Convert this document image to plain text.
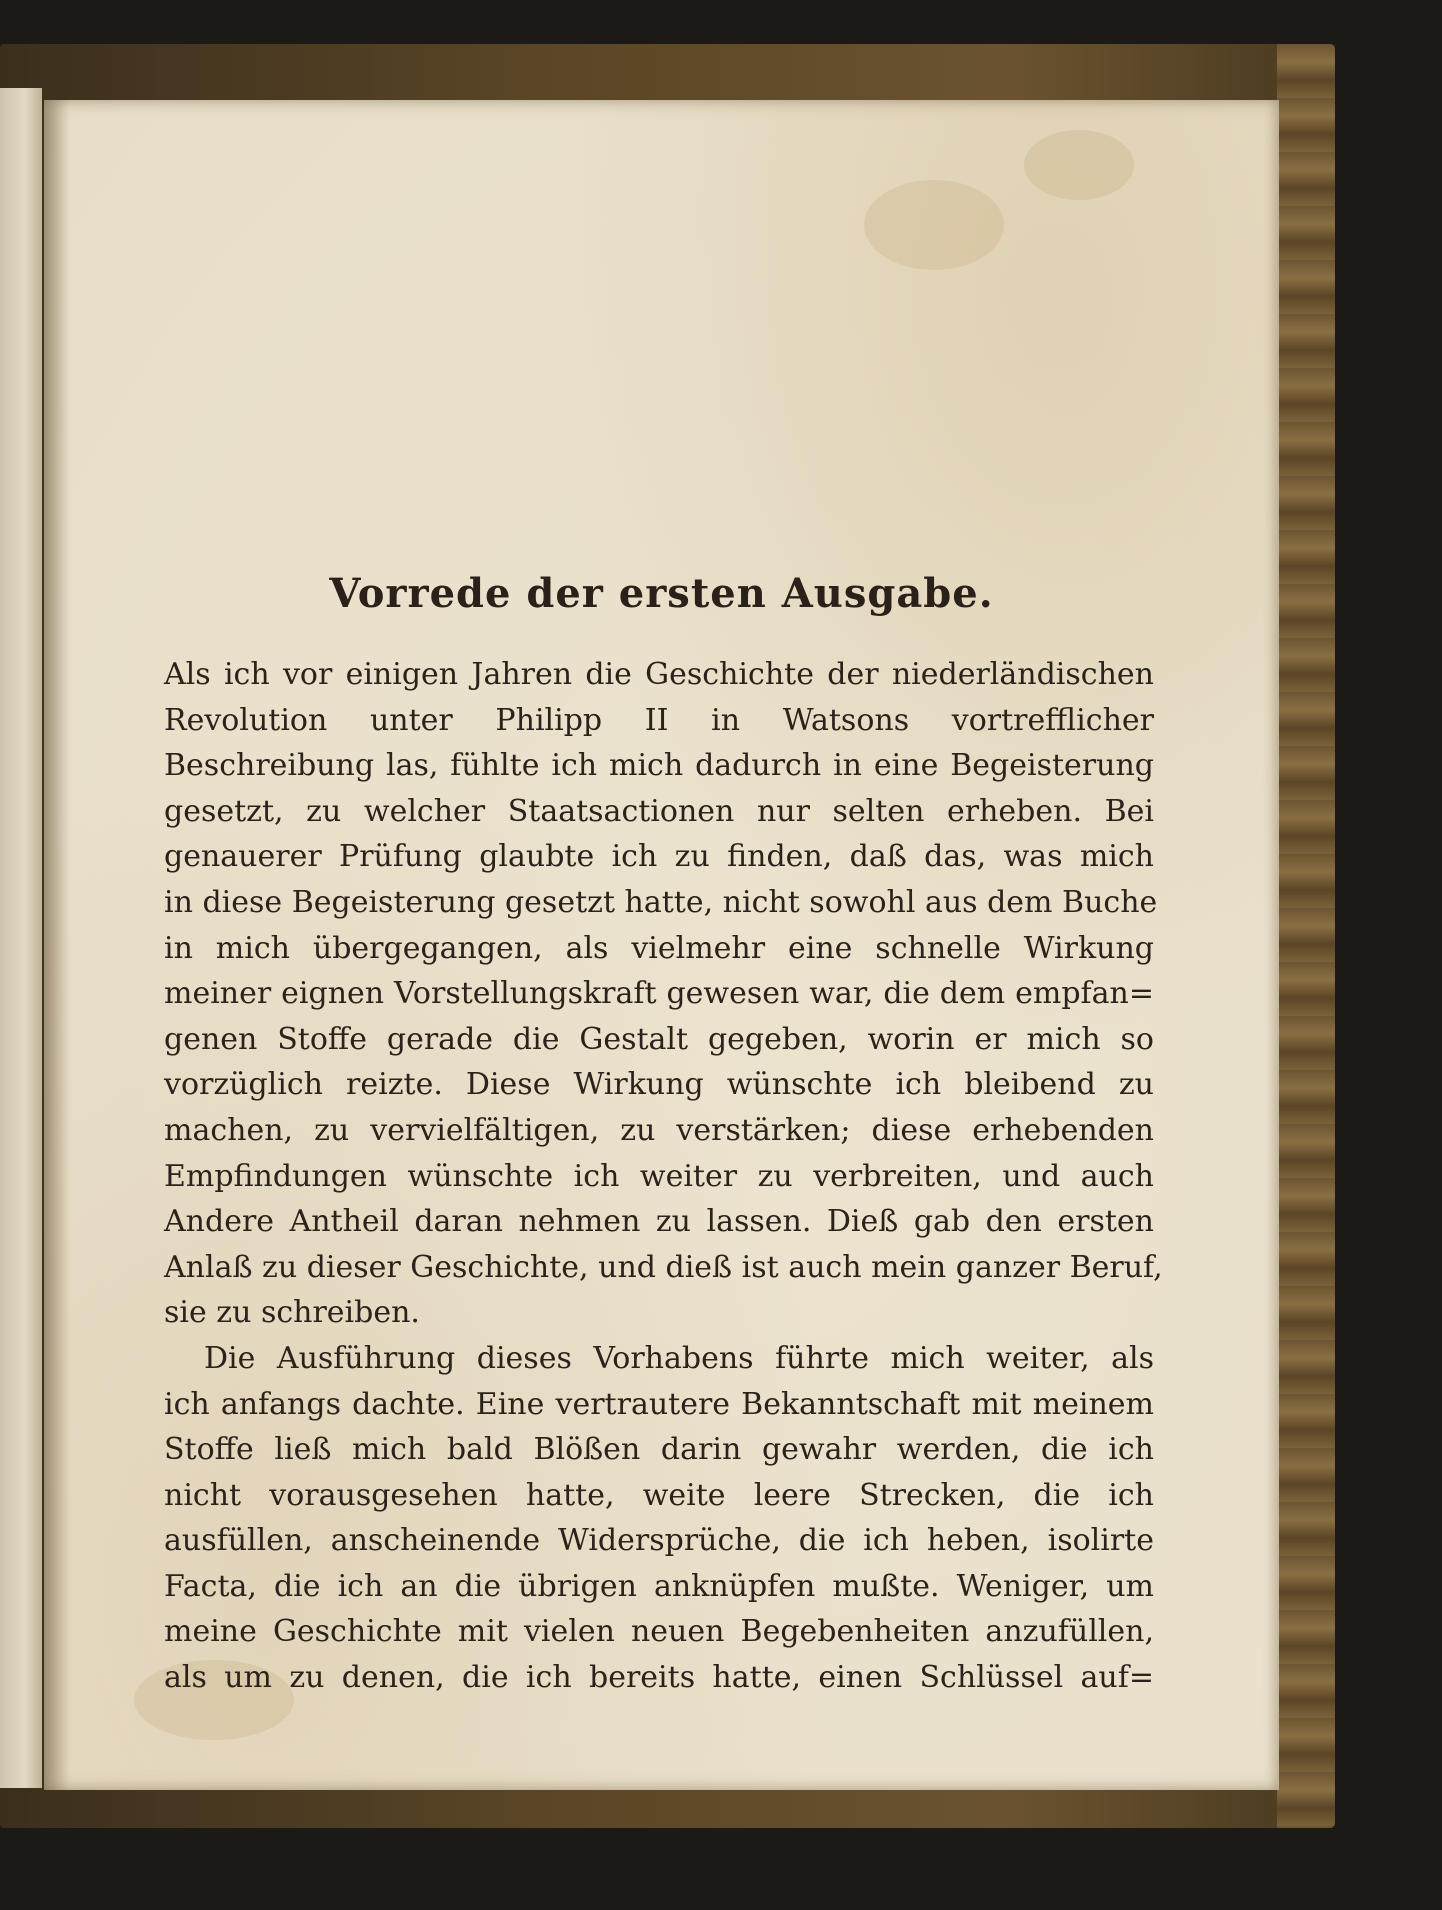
Vorrede der ersten Ausgabe.
Als ich vor einigen Jahren die Geschichte der niederländischen
Revolution unter Philipp II in Watsons vortrefflicher
Beschreibung las, fühlte ich mich dadurch in eine Begeisterung
gesetzt, zu welcher Staatsactionen nur selten erheben. Bei
genauerer Prüfung glaubte ich zu finden, daß das, was mich
in diese Begeisterung gesetzt hatte, nicht sowohl aus dem Buche
in mich übergegangen, als vielmehr eine schnelle Wirkung
meiner eignen Vorstellungskraft gewesen war, die dem empfan=
genen Stoffe gerade die Gestalt gegeben, worin er mich so
vorzüglich reizte. Diese Wirkung wünschte ich bleibend zu
machen, zu vervielfältigen, zu verstärken; diese erhebenden
Empfindungen wünschte ich weiter zu verbreiten, und auch
Andere Antheil daran nehmen zu lassen. Dieß gab den ersten
Anlaß zu dieser Geschichte, und dieß ist auch mein ganzer Beruf,
sie zu schreiben.
Die Ausführung dieses Vorhabens führte mich weiter, als
ich anfangs dachte. Eine vertrautere Bekanntschaft mit meinem
Stoffe ließ mich bald Blößen darin gewahr werden, die ich
nicht vorausgesehen hatte, weite leere Strecken, die ich
ausfüllen, anscheinende Widersprüche, die ich heben, isolirte
Facta, die ich an die übrigen anknüpfen mußte. Weniger, um
meine Geschichte mit vielen neuen Begebenheiten anzufüllen,
als um zu denen, die ich bereits hatte, einen Schlüssel auf=
